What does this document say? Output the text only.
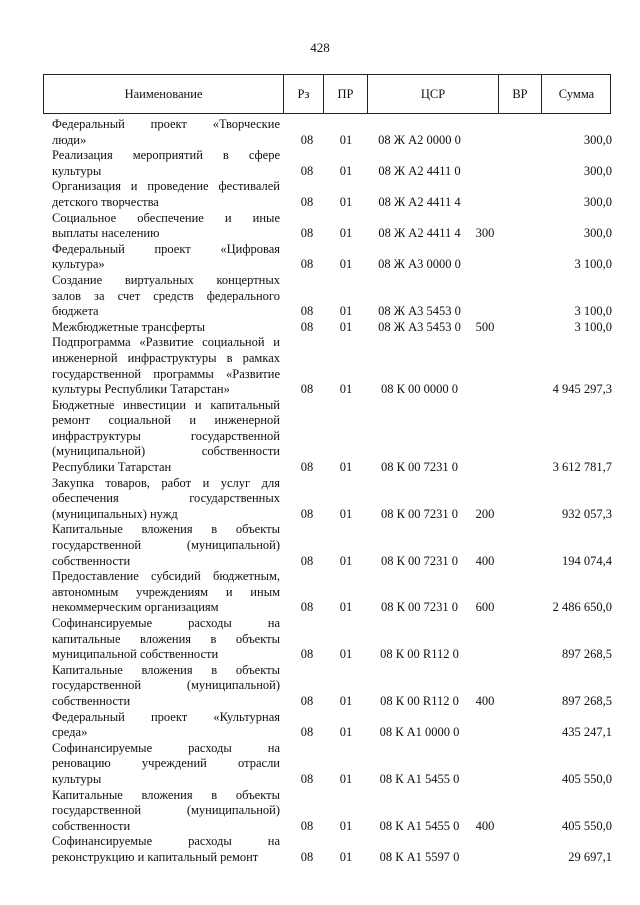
428
Наименование	Рз	ПР	ЦСР	ВР	Сумма
Федеральный проект «Творческие
люди»	08	01	08 Ж А2 0000 0	300,0
Реализация мероприятий в сфере
культуры	08	01	08 Ж А2 4411 0	300,0
Организация и проведение фестивалей
детского творчества	08	01	08 Ж А2 4411 4	300,0
Социальное обеспечение и иные
выплаты населению	08	01	08 Ж А2 4411 4	300	300,0
Федеральный проект «Цифровая
культура»	08	01	08 Ж А3 0000 0	3 100,0
Создание виртуальных концертных
залов за счет средств федерального
бюджета	08	01	08 Ж А3 5453 0	3 100,0
Межбюджетные трансферты	08	01	08 Ж А3 5453 0	500	3 100,0
Подпрограмма «Развитие социальной и
инженерной инфраструктуры в рамках
государственной программы «Развитие
культуры Республики Татарстан»	08	01	08 К 00 0000 0	4 945 297,3
Бюджетные инвестиции и капитальный
ремонт социальной и инженерной
инфраструктуры государственной
(муниципальной) собственности
Республики Татарстан	08	01	08 К 00 7231 0	3 612 781,7
Закупка товаров, работ и услуг для
обеспечения государственных
(муниципальных) нужд	08	01	08 К 00 7231 0	200	932 057,3
Капитальные вложения в объекты
государственной (муниципальной)
собственности	08	01	08 К 00 7231 0	400	194 074,4
Предоставление субсидий бюджетным,
автономным учреждениям и иным
некоммерческим организациям	08	01	08 К 00 7231 0	600	2 486 650,0
Софинансируемые расходы на
капитальные вложения в объекты
муниципальной собственности	08	01	08 К 00 R112 0	897 268,5
Капитальные вложения в объекты
государственной (муниципальной)
собственности	08	01	08 К 00 R112 0	400	897 268,5
Федеральный проект «Культурная
среда»	08	01	08 К А1 0000 0	435 247,1
Софинансируемые расходы на
реновацию учреждений отрасли
культуры	08	01	08 К А1 5455 0	405 550,0
Капитальные вложения в объекты
государственной (муниципальной)
собственности	08	01	08 К А1 5455 0	400	405 550,0
Софинансируемые расходы на
реконструкцию и капитальный ремонт	08	01	08 К А1 5597 0	29 697,1
